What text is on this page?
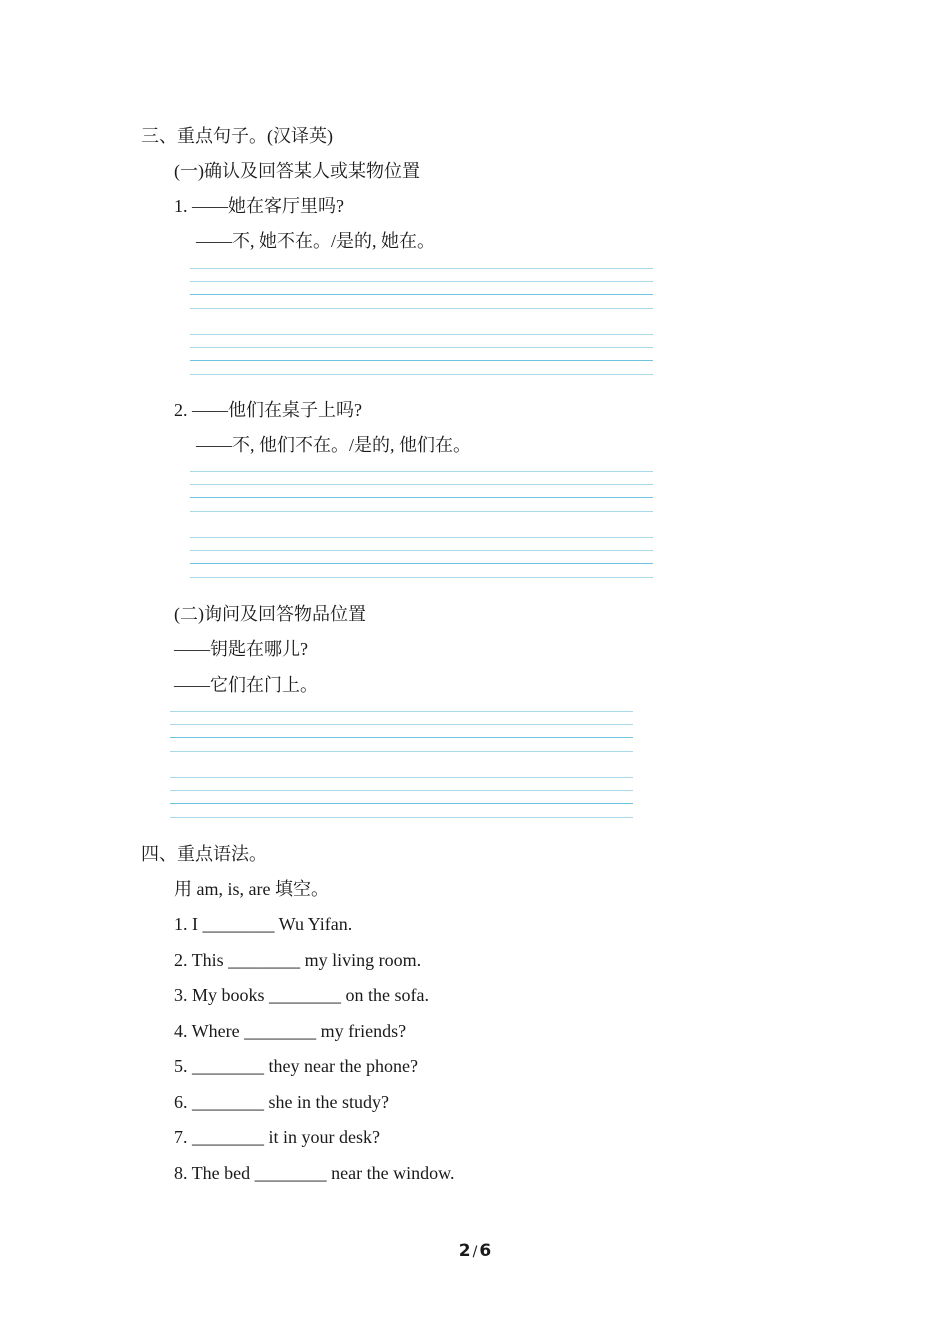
三、重点句子。(汉译英)
(一)确认及回答某人或某物位置
1. ——她在客厅里吗?
——不, 她不在。/是的, 她在。
2. ——他们在桌子上吗?
——不, 他们不在。/是的, 他们在。
(二)询问及回答物品位置
——钥匙在哪儿?
——它们在门上。
四、重点语法。
用 am, is, are 填空。
1. I ________ Wu Yifan.
2. This ________ my living room.
3. My books ________ on the sofa.
4. Where ________ my friends?
5. ________ they near the phone?
6. ________ she in the study?
7. ________ it in your desk?
8. The bed ________ near the window.
2 / 6
